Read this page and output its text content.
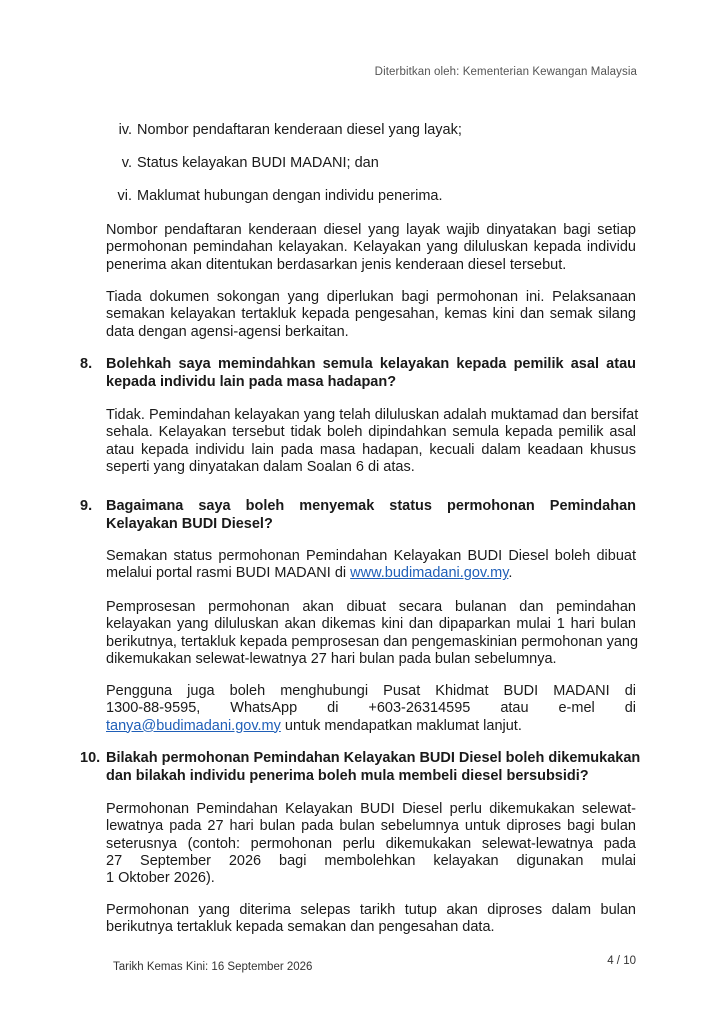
Diterbitkan oleh: Kementerian Kewangan Malaysia
iv. Nombor pendaftaran kenderaan diesel yang layak;
v. Status kelayakan BUDI MADANI; dan
vi. Maklumat hubungan dengan individu penerima.
Nombor pendaftaran kenderaan diesel yang layak wajib dinyatakan bagi setiap
permohonan pemindahan kelayakan. Kelayakan yang diluluskan kepada individu
penerima akan ditentukan berdasarkan jenis kenderaan diesel tersebut.
Tiada dokumen sokongan yang diperlukan bagi permohonan ini. Pelaksanaan
semakan kelayakan tertakluk kepada pengesahan, kemas kini dan semak silang
data dengan agensi-agensi berkaitan.
8. Bolehkah saya memindahkan semula kelayakan kepada pemilik asal atau
kepada individu lain pada masa hadapan?
Tidak. Pemindahan kelayakan yang telah diluluskan adalah muktamad dan bersifat
sehala. Kelayakan tersebut tidak boleh dipindahkan semula kepada pemilik asal
atau kepada individu lain pada masa hadapan, kecuali dalam keadaan khusus
seperti yang dinyatakan dalam Soalan 6 di atas.
9. Bagaimana saya boleh menyemak status permohonan Pemindahan
Kelayakan BUDI Diesel?
Semakan status permohonan Pemindahan Kelayakan BUDI Diesel boleh dibuat
melalui portal rasmi BUDI MADANI di www.budimadani.gov.my.
Pemprosesan permohonan akan dibuat secara bulanan dan pemindahan
kelayakan yang diluluskan akan dikemas kini dan dipaparkan mulai 1 hari bulan
berikutnya, tertakluk kepada pemprosesan dan pengemaskinian permohonan yang
dikemukakan selewat-lewatnya 27 hari bulan pada bulan sebelumnya.
Pengguna juga boleh menghubungi Pusat Khidmat BUDI MADANI di
1300-88-9595, WhatsApp di +603-26314595 atau e-mel di
tanya@budimadani.gov.my untuk mendapatkan maklumat lanjut.
10. Bilakah permohonan Pemindahan Kelayakan BUDI Diesel boleh dikemukakan
dan bilakah individu penerima boleh mula membeli diesel bersubsidi?
Permohonan Pemindahan Kelayakan BUDI Diesel perlu dikemukakan selewat-
lewatnya pada 27 hari bulan pada bulan sebelumnya untuk diproses bagi bulan
seterusnya (contoh: permohonan perlu dikemukakan selewat-lewatnya pada
27 September 2026 bagi membolehkan kelayakan digunakan mulai
1 Oktober 2026).
Permohonan yang diterima selepas tarikh tutup akan diproses dalam bulan
berikutnya tertakluk kepada semakan dan pengesahan data.
Tarikh Kemas Kini: 16 September 2026	4 / 10
